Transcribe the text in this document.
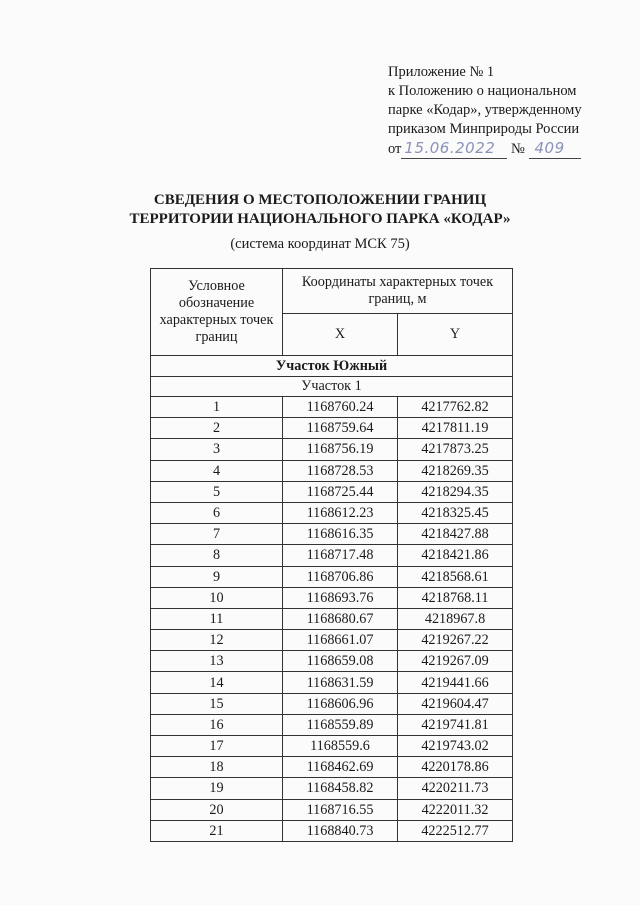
Приложение № 1
к Положению о национальном
парке «Кодар», утвержденному
приказом Минприроды России
от 15.06.2022 № 409
СВЕДЕНИЯ О МЕСТОПОЛОЖЕНИИ ГРАНИЦ
ТЕРРИТОРИИ НАЦИОНАЛЬНОГО ПАРКА «КОДАР»
(система координат МСК 75)
Условное обозначение характерных точек границ	Координаты характерных точек границ, м	
	X	Y
Участок Южный		
Участок 1		
1	1168760.24	4217762.82
2	1168759.64	4217811.19
3	1168756.19	4217873.25
4	1168728.53	4218269.35
5	1168725.44	4218294.35
6	1168612.23	4218325.45
7	1168616.35	4218427.88
8	1168717.48	4218421.86
9	1168706.86	4218568.61
10	1168693.76	4218768.11
11	1168680.67	4218967.8
12	1168661.07	4219267.22
13	1168659.08	4219267.09
14	1168631.59	4219441.66
15	1168606.96	4219604.47
16	1168559.89	4219741.81
17	1168559.6	4219743.02
18	1168462.69	4220178.86
19	1168458.82	4220211.73
20	1168716.55	4222011.32
21	1168840.73	4222512.77
